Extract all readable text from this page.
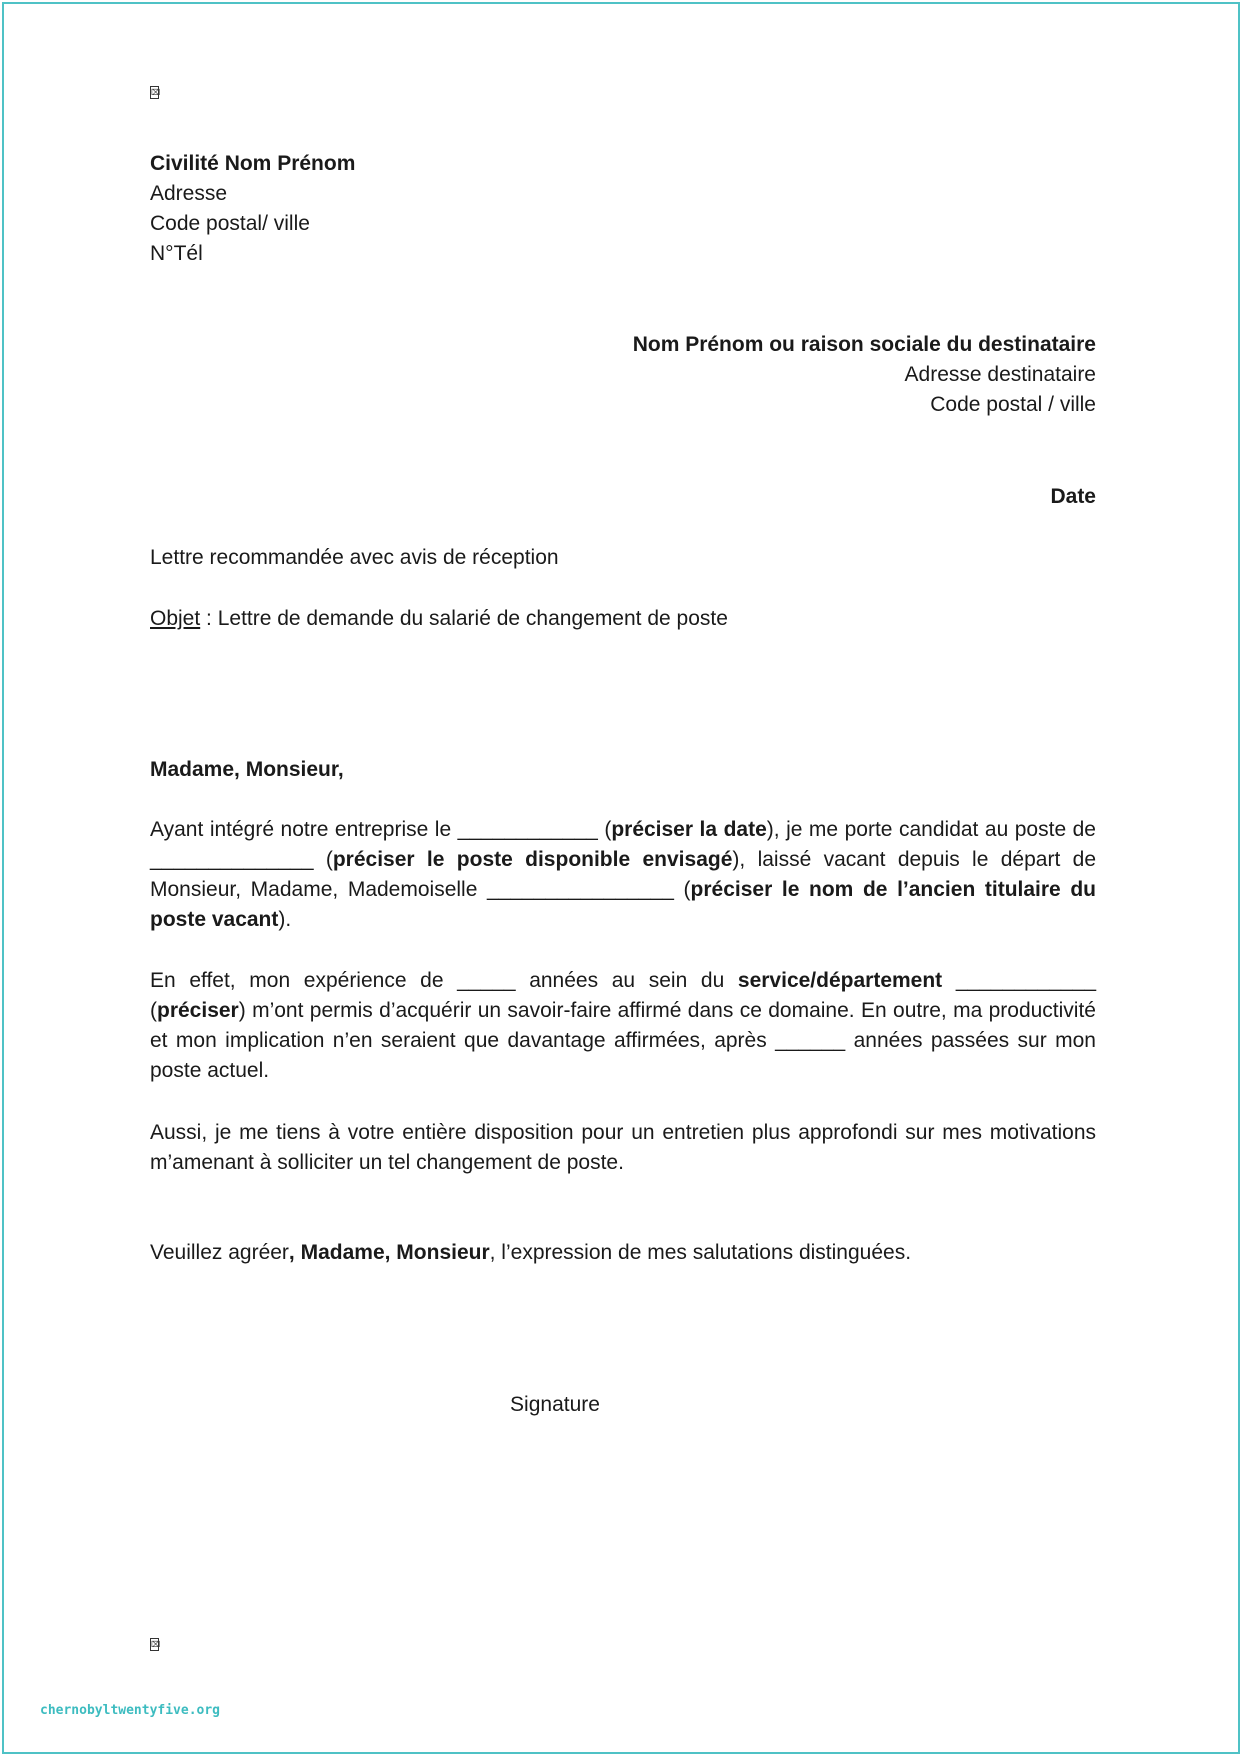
⌧
Civilité Nom Prénom
Adresse
Code postal/ ville
N°Tél
Nom Prénom ou raison sociale du destinataire
Adresse destinataire
Code postal / ville
Date
Lettre recommandée avec avis de réception
Objet : Lettre de demande du salarié de changement de poste
Madame, Monsieur,
Ayant intégré notre entreprise le ____________ (préciser la date), je me porte candidat au poste de ______________ (préciser le poste disponible envisagé), laissé vacant depuis le départ de Monsieur, Madame, Mademoiselle ________________ (préciser le nom de l’ancien titulaire du poste vacant).
En effet, mon expérience de _____ années au sein du service/département ____________ (préciser) m’ont permis d’acquérir un savoir-faire affirmé dans ce domaine. En outre, ma productivité et mon implication n’en seraient que davantage affirmées, après ______ années passées sur mon poste actuel.
Aussi, je me tiens à votre entière disposition pour un entretien plus approfondi sur mes motivations m’amenant à solliciter un tel changement de poste.
Veuillez agréer, Madame, Monsieur, l’expression de mes salutations distinguées.
Signature
⌧
chernobyltwentyfive.org
